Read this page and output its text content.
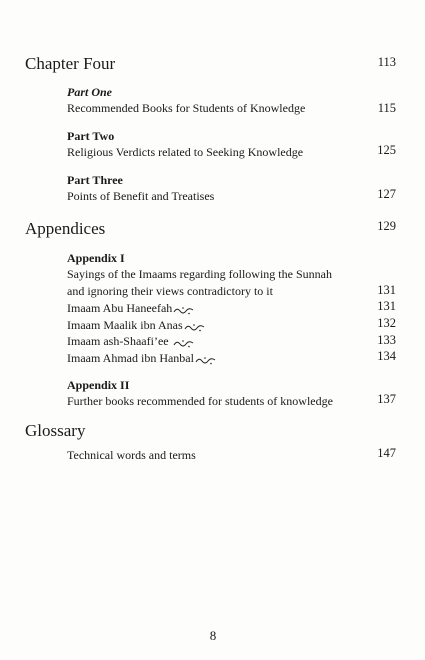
Chapter Four	113
Part One
Recommended Books for Students of Knowledge	115
Part Two
Religious Verdicts related to Seeking Knowledge	125
Part Three
Points of Benefit and Treatises	127
Appendices	129
Appendix I
Sayings of the Imaams regarding following the Sunnah
and ignoring their views contradictory to it	131
Imaam Abu Haneefah	131
Imaam Maalik ibn Anas	132
Imaam ash-Shaafi’ee	133
Imaam Ahmad ibn Hanbal	134
Appendix II
Further books recommended for students of knowledge	137
Glossary
Technical words and terms	147
8
